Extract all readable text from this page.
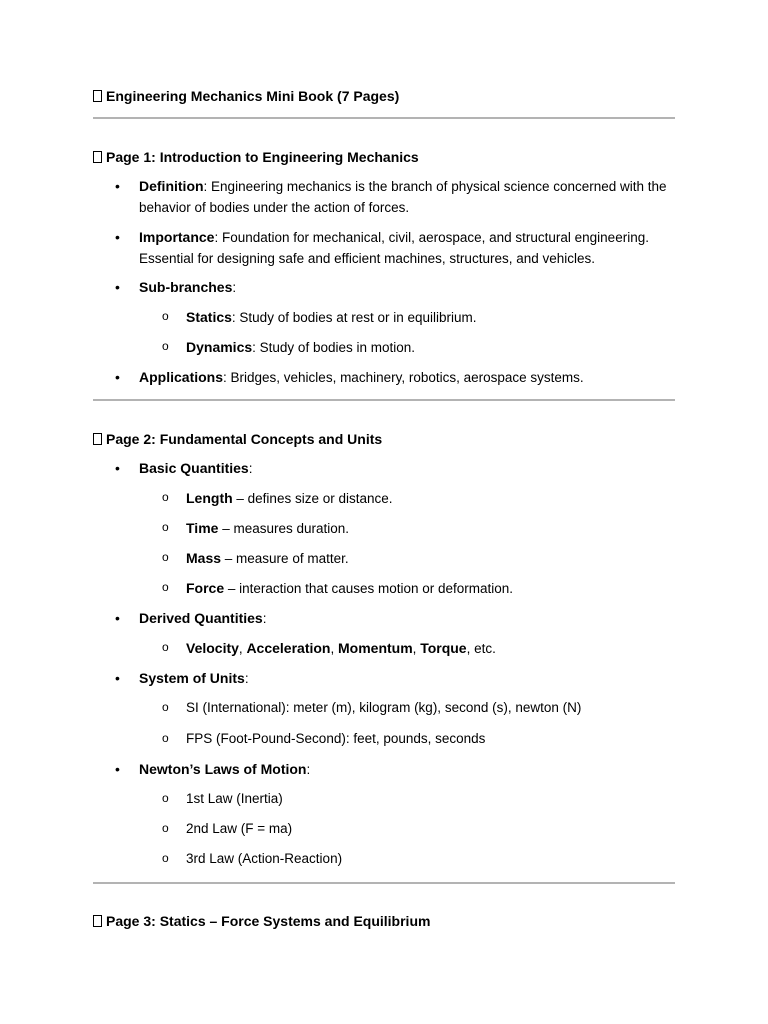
Engineering Mechanics Mini Book (7 Pages)
Page 1: Introduction to Engineering Mechanics
• Definition: Engineering mechanics is the branch of physical science concerned with the behavior of bodies under the action of forces.
• Importance: Foundation for mechanical, civil, aerospace, and structural engineering. Essential for designing safe and efficient machines, structures, and vehicles.
• Sub-branches:
o Statics: Study of bodies at rest or in equilibrium.
o Dynamics: Study of bodies in motion.
• Applications: Bridges, vehicles, machinery, robotics, aerospace systems.
Page 2: Fundamental Concepts and Units
• Basic Quantities:
o Length – defines size or distance.
o Time – measures duration.
o Mass – measure of matter.
o Force – interaction that causes motion or deformation.
• Derived Quantities:
o Velocity, Acceleration, Momentum, Torque, etc.
• System of Units:
o SI (International): meter (m), kilogram (kg), second (s), newton (N)
o FPS (Foot-Pound-Second): feet, pounds, seconds
• Newton’s Laws of Motion:
o 1st Law (Inertia)
o 2nd Law (F = ma)
o 3rd Law (Action-Reaction)
Page 3: Statics – Force Systems and Equilibrium
